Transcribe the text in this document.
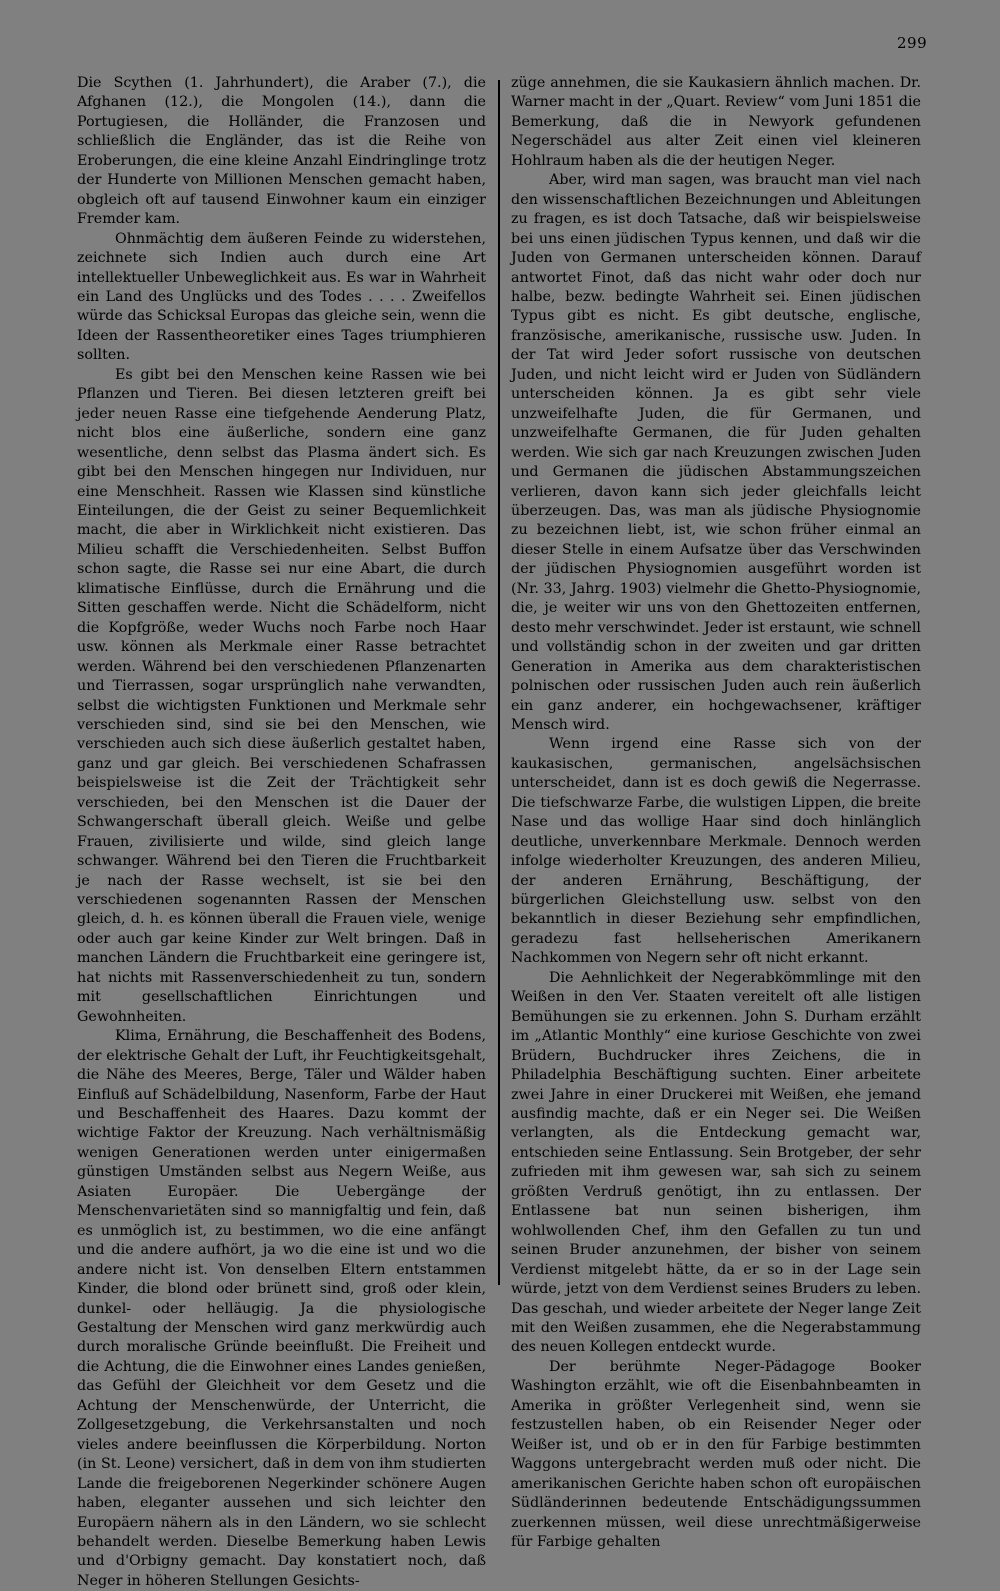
299

Die Scythen (1. Jahrhundert), die Araber (7.), die Afghanen (12.), die Mongolen (14.), dann die Portugiesen, die Holländer, die Franzosen und schließlich die Engländer, das ist die Reihe von Eroberungen, die eine kleine Anzahl Eindringlinge trotz der Hunderte von Millionen Menschen gemacht haben, obgleich oft auf tausend Einwohner kaum ein einziger Fremder kam.

Ohnmächtig dem äußeren Feinde zu widerstehen, zeichnete sich Indien auch durch eine Art intellektueller Unbeweglichkeit aus. Es war in Wahrheit ein Land des Unglücks und des Todes . . . . Zweifellos würde das Schicksal Europas das gleiche sein, wenn die Ideen der Rassentheoretiker eines Tages triumphieren sollten.

Es gibt bei den Menschen keine Rassen wie bei Pflanzen und Tieren. Bei diesen letzteren greift bei jeder neuen Rasse eine tiefgehende Aenderung Platz, nicht blos eine äußerliche, sondern eine ganz wesentliche, denn selbst das Plasma ändert sich. Es gibt bei den Menschen hingegen nur Individuen, nur eine Menschheit. Rassen wie Klassen sind künstliche Einteilungen, die der Geist zu seiner Bequemlichkeit macht, die aber in Wirklichkeit nicht existieren. Das Milieu schafft die Verschiedenheiten. Selbst Buffon schon sagte, die Rasse sei nur eine Abart, die durch klimatische Einflüsse, durch die Ernährung und die Sitten geschaffen werde. Nicht die Schädelform, nicht die Kopfgröße, weder Wuchs noch Farbe noch Haar usw. können als Merkmale einer Rasse betrachtet werden. Während bei den verschiedenen Pflanzenarten und Tierrassen, sogar ursprünglich nahe verwandten, selbst die wichtigsten Funktionen und Merkmale sehr verschieden sind, sind sie bei den Menschen, wie verschieden auch sich diese äußerlich gestaltet haben, ganz und gar gleich. Bei verschiedenen Schafrassen beispielsweise ist die Zeit der Trächtigkeit sehr verschieden, bei den Menschen ist die Dauer der Schwangerschaft überall gleich. Weiße und gelbe Frauen, zivilisierte und wilde, sind gleich lange schwanger. Während bei den Tieren die Fruchtbarkeit je nach der Rasse wechselt, ist sie bei den verschiedenen sogenannten Rassen der Menschen gleich, d. h. es können überall die Frauen viele, wenige oder auch gar keine Kinder zur Welt bringen. Daß in manchen Ländern die Fruchtbarkeit eine geringere ist, hat nichts mit Rassenverschiedenheit zu tun, sondern mit gesellschaftlichen Einrichtungen und Gewohnheiten.

Klima, Ernährung, die Beschaffenheit des Bodens, der elektrische Gehalt der Luft, ihr Feuchtigkeitsgehalt, die Nähe des Meeres, Berge, Täler und Wälder haben Einfluß auf Schädelbildung, Nasenform, Farbe der Haut und Beschaffenheit des Haares. Dazu kommt der wichtige Faktor der Kreuzung. Nach verhältnismäßig wenigen Generationen werden unter einigermaßen günstigen Umständen selbst aus Negern Weiße, aus Asiaten Europäer. Die Uebergänge der Menschenvarietäten sind so mannigfaltig und fein, daß es unmöglich ist, zu bestimmen, wo die eine anfängt und die andere aufhört, ja wo die eine ist und wo die andere nicht ist. Von denselben Eltern entstammen Kinder, die blond oder brünett sind, groß oder klein, dunkel- oder helläugig. Ja die physiologische Gestaltung der Menschen wird ganz merkwürdig auch durch moralische Gründe beeinflußt. Die Freiheit und die Achtung, die die Einwohner eines Landes genießen, das Gefühl der Gleichheit vor dem Gesetz und die Achtung der Menschenwürde, der Unterricht, die Zollgesetzgebung, die Verkehrsanstalten und noch vieles andere beeinflussen die Körperbildung. Norton (in St. Leone) versichert, daß in dem von ihm studierten Lande die freigeborenen Negerkinder schönere Augen haben, eleganter aussehen und sich leichter den Europäern nähern als in den Ländern, wo sie schlecht behandelt werden. Dieselbe Bemerkung haben Lewis und d'Orbigny gemacht. Day konstatiert noch, daß Neger in höheren Stellungen Gesichts-

züge annehmen, die sie Kaukasiern ähnlich machen. Dr. Warner macht in der „Quart. Review“ vom Juni 1851 die Bemerkung, daß die in Newyork gefundenen Negerschädel aus alter Zeit einen viel kleineren Hohlraum haben als die der heutigen Neger.

Aber, wird man sagen, was braucht man viel nach den wissenschaftlichen Bezeichnungen und Ableitungen zu fragen, es ist doch Tatsache, daß wir beispielsweise bei uns einen jüdischen Typus kennen, und daß wir die Juden von Germanen unterscheiden können. Darauf antwortet Finot, daß das nicht wahr oder doch nur halbe, bezw. bedingte Wahrheit sei. Einen jüdischen Typus gibt es nicht. Es gibt deutsche, englische, französische, amerikanische, russische usw. Juden. In der Tat wird Jeder sofort russische von deutschen Juden, und nicht leicht wird er Juden von Südländern unterscheiden können. Ja es gibt sehr viele unzweifelhafte Juden, die für Germanen, und unzweifelhafte Germanen, die für Juden gehalten werden. Wie sich gar nach Kreuzungen zwischen Juden und Germanen die jüdischen Abstammungszeichen verlieren, davon kann sich jeder gleichfalls leicht überzeugen. Das, was man als jüdische Physiognomie zu bezeichnen liebt, ist, wie schon früher einmal an dieser Stelle in einem Aufsatze über das Verschwinden der jüdischen Physiognomien ausgeführt worden ist (Nr. 33, Jahrg. 1903) vielmehr die Ghetto-Physiognomie, die, je weiter wir uns von den Ghettozeiten entfernen, desto mehr verschwindet. Jeder ist erstaunt, wie schnell und vollständig schon in der zweiten und gar dritten Generation in Amerika aus dem charakteristischen polnischen oder russischen Juden auch rein äußerlich ein ganz anderer, ein hochgewachsener, kräftiger Mensch wird.

Wenn irgend eine Rasse sich von der kaukasischen, germanischen, angelsächsischen unterscheidet, dann ist es doch gewiß die Negerrasse. Die tiefschwarze Farbe, die wulstigen Lippen, die breite Nase und das wollige Haar sind doch hinlänglich deutliche, unverkennbare Merkmale. Dennoch werden infolge wiederholter Kreuzungen, des anderen Milieu, der anderen Ernährung, Beschäftigung, der bürgerlichen Gleichstellung usw. selbst von den bekanntlich in dieser Beziehung sehr empfindlichen, geradezu fast hellseherischen Amerikanern Nachkommen von Negern sehr oft nicht erkannt.

Die Aehnlichkeit der Negerabkömmlinge mit den Weißen in den Ver. Staaten vereitelt oft alle listigen Bemühungen sie zu erkennen. John S. Durham erzählt im „Atlantic Monthly“ eine kuriose Geschichte von zwei Brüdern, Buchdrucker ihres Zeichens, die in Philadelphia Beschäftigung suchten. Einer arbeitete zwei Jahre in einer Druckerei mit Weißen, ehe jemand ausfindig machte, daß er ein Neger sei. Die Weißen verlangten, als die Entdeckung gemacht war, entschieden seine Entlassung. Sein Brotgeber, der sehr zufrieden mit ihm gewesen war, sah sich zu seinem größten Verdruß genötigt, ihn zu entlassen. Der Entlassene bat nun seinen bisherigen, ihm wohlwollenden Chef, ihm den Gefallen zu tun und seinen Bruder anzunehmen, der bisher von seinem Verdienst mitgelebt hätte, da er so in der Lage sein würde, jetzt von dem Verdienst seines Bruders zu leben. Das geschah, und wieder arbeitete der Neger lange Zeit mit den Weißen zusammen, ehe die Negerabstammung des neuen Kollegen entdeckt wurde.

Der berühmte Neger-Pädagoge Booker Washington erzählt, wie oft die Eisenbahnbeamten in Amerika in größter Verlegenheit sind, wenn sie festzustellen haben, ob ein Reisender Neger oder Weißer ist, und ob er in den für Farbige bestimmten Waggons untergebracht werden muß oder nicht. Die amerikanischen Gerichte haben schon oft europäischen Südländerinnen bedeutende Entschädigungssummen zuerkennen müssen, weil diese unrechtmäßigerweise für Farbige gehalten
